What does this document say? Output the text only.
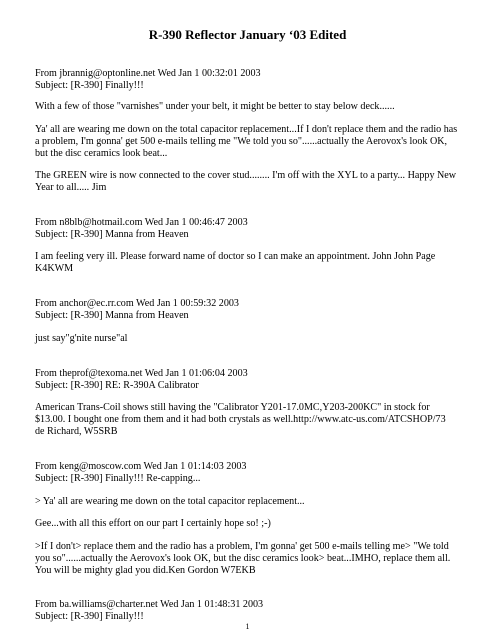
R-390 Reflector January ‘03 Edited
From jbrannig@optonline.net Wed Jan 1 00:32:01 2003
Subject: [R-390] Finally!!!
With a few of those "varnishes" under your belt, it might be better to stay below deck......
Ya' all are wearing me down on the total capacitor replacement...If I don't replace them and the radio has
a problem, I'm gonna' get 500 e-mails telling me "We told you so"......actually the Aerovox's look OK,
but the disc ceramics look beat...
The GREEN wire is now connected to the cover stud........ I'm off with the XYL to a party... Happy New
Year to all..... Jim
From n8blb@hotmail.com Wed Jan 1 00:46:47 2003
Subject: [R-390] Manna from Heaven
I am feeling very ill. Please forward name of doctor so I can make an appointment. John John Page
K4KWM
From anchor@ec.rr.com Wed Jan 1 00:59:32 2003
Subject: [R-390] Manna from Heaven
just say"g'nite nurse"al
From theprof@texoma.net Wed Jan 1 01:06:04 2003
Subject: [R-390] RE: R-390A Calibrator
American Trans-Coil shows still having the "Calibrator Y201-17.0MC,Y203-200KC" in stock for
$13.00. I bought one from them and it had both crystals as well.http://www.atc-us.com/ATCSHOP/73
de Richard, W5SRB
From keng@moscow.com Wed Jan 1 01:14:03 2003
Subject: [R-390] Finally!!! Re-capping...
> Ya' all are wearing me down on the total capacitor replacement...
Gee...with all this effort on our part I certainly hope so! ;-)
>If I don't> replace them and the radio has a problem, I'm gonna' get 500 e-mails telling me> "We told
you so"......actually the Aerovox's look OK, but the disc ceramics look> beat...IMHO, replace them all.
You will be mighty glad you did.Ken Gordon W7EKB
From ba.williams@charter.net Wed Jan 1 01:48:31 2003
Subject: [R-390] Finally!!!
1
